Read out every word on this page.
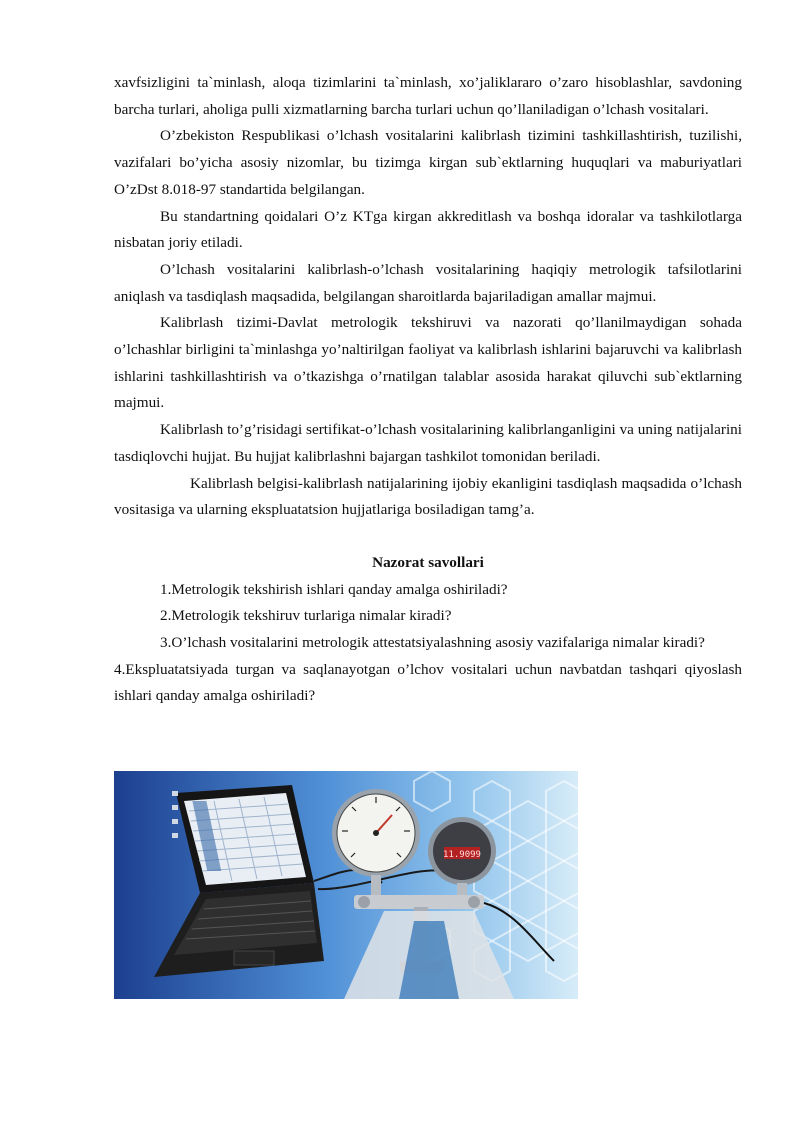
xavfsizligini ta`minlash, aloqa tizimlarini ta`minlash, xo’jaliklararo o’zaro hisoblashlar, savdoning barcha turlari, aholiga pulli xizmatlarning barcha turlari uchun qo’llaniladigan o’lchash vositalari.

O’zbekiston Respublikasi o’lchash vositalarini kalibrlash tizimini tashkillashtirish, tuzilishi, vazifalari bo’yicha asosiy nizomlar, bu tizimga kirgan sub`ektlarning huquqlari va maburiyatlari O’zDst 8.018-97 standartida belgilangan.

Bu standartning qoidalari O’z KTga kirgan akkreditlash va boshqa idoralar va tashkilotlarga nisbatan joriy etiladi.

O’lchash vositalarini kalibrlash-o’lchash vositalarining haqiqiy metrologik tafsilotlarini aniqlash va tasdiqlash maqsadida, belgilangan sharoitlarda bajariladigan amallar majmui.

Kalibrlash tizimi-Davlat metrologik tekshiruvi va nazorati qo’llanilmaydigan sohada o’lchashlar birligini ta`minlashga yo’naltirilgan faoliyat va kalibrlash ishlarini bajaruvchi va kalibrlash ishlarini tashkillashtirish va o’tkazishga o’rnatilgan talablar asosida harakat qiluvchi sub`ektlarning majmui.

Kalibrlash to’g’risidagi sertifikat-o’lchash vositalarining kalibrlanganligini va uning natijalarini tasdiqlovchi hujjat. Bu hujjat kalibrlashni bajargan tashkilot tomonidan beriladi.

Kalibrlash belgisi-kalibrlash natijalarining ijobiy ekanligini tasdiqlash maqsadida o’lchash vositasiga va ularning ekspluatatsion hujjatlariga bosiladigan tamg’a.

Nazorat savollari

1.Metrologik tekshirish ishlari qanday amalga oshiriladi?

2.Metrologik tekshiruv turlariga nimalar kiradi?

3.O’lchash vositalarini metrologik attestatsiyalashning asosiy vazifalariga nimalar kiradi?

4.Ekspluatatsiyada turgan va saqlanayotgan o’lchov vositalari uchun navbatdan tashqari qiyoslash ishlari qanday amalga oshiriladi?

11.9099
